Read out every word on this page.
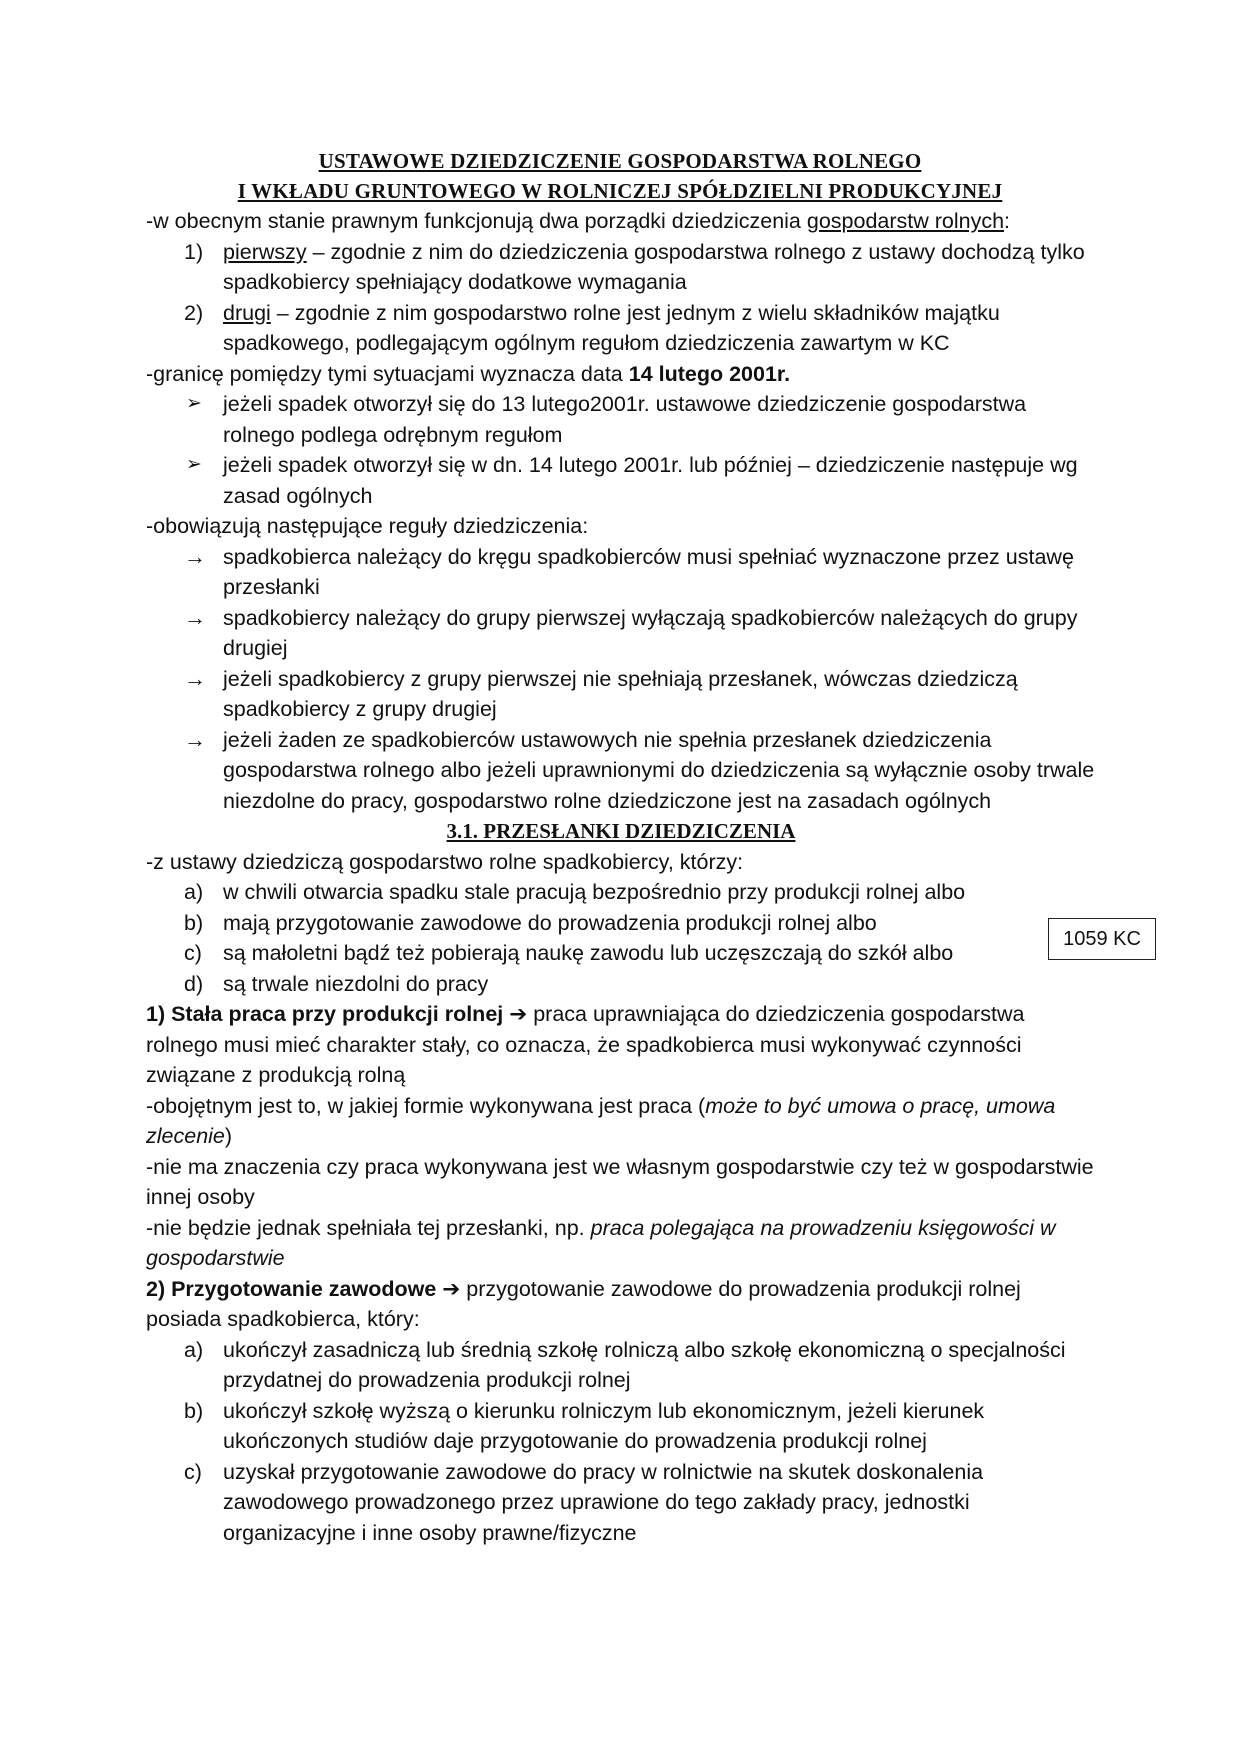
USTAWOWE DZIEDZICZENIE GOSPODARSTWA ROLNEGO
I WKŁADU GRUNTOWEGO W ROLNICZEJ SPÓŁDZIELNI PRODUKCYJNEJ
1059 KC

-w obecnym stanie prawnym funkcjonują dwa porządki dziedziczenia gospodarstw rolnych:

1) pierwszy – zgodnie z nim do dziedziczenia gospodarstwa rolnego z ustawy dochodzą tylko spadkobiercy spełniający dodatkowe wymagania
2) drugi – zgodnie z nim gospodarstwo rolne jest jednym z wielu składników majątku spadkowego, podlegającym ogólnym regułom dziedziczenia zawartym w KC

-granicę pomiędzy tymi sytuacjami wyznacza data 14 lutego 2001r.

➢ jeżeli spadek otworzył się do 13 lutego2001r. ustawowe dziedziczenie gospodarstwa rolnego podlega odrębnym regułom
➢ jeżeli spadek otworzył się w dn. 14 lutego 2001r. lub później – dziedziczenie następuje wg zasad ogólnych

-obowiązują następujące reguły dziedziczenia:

→ spadkobierca należący do kręgu spadkobierców musi spełniać wyznaczone przez ustawę przesłanki
→ spadkobiercy należący do grupy pierwszej wyłączają spadkobierców należących do grupy drugiej
→ jeżeli spadkobiercy z grupy pierwszej nie spełniają przesłanek, wówczas dziedziczą spadkobiercy z grupy drugiej
→ jeżeli żaden ze spadkobierców ustawowych nie spełnia przesłanek dziedziczenia gospodarstwa rolnego albo jeżeli uprawnionymi do dziedziczenia są wyłącznie osoby trwale niezdolne do pracy, gospodarstwo rolne dziedziczone jest na zasadach ogólnych

3.1. PRZESŁANKI DZIEDZICZENIA

-z ustawy dziedziczą gospodarstwo rolne spadkobiercy, którzy:

a) w chwili otwarcia spadku stale pracują bezpośrednio przy produkcji rolnej albo
b) mają przygotowanie zawodowe do prowadzenia produkcji rolnej albo
c) są małoletni bądź też pobierają naukę zawodu lub uczęszczają do szkół albo
d) są trwale niezdolni do pracy

1) Stała praca przy produkcji rolnej ➔ praca uprawniająca do dziedziczenia gospodarstwa rolnego musi mieć charakter stały, co oznacza, że spadkobierca musi wykonywać czynności związane z produkcją rolną

-obojętnym jest to, w jakiej formie wykonywana jest praca (może to być umowa o pracę, umowa zlecenie)

-nie ma znaczenia czy praca wykonywana jest we własnym gospodarstwie czy też w gospodarstwie innej osoby

-nie będzie jednak spełniała tej przesłanki, np. praca polegająca na prowadzeniu księgowości w gospodarstwie

2) Przygotowanie zawodowe ➔ przygotowanie zawodowe do prowadzenia produkcji rolnej posiada spadkobierca, który:

a) ukończył zasadniczą lub średnią szkołę rolniczą albo szkołę ekonomiczną o specjalności przydatnej do prowadzenia produkcji rolnej
b) ukończył szkołę wyższą o kierunku rolniczym lub ekonomicznym, jeżeli kierunek ukończonych studiów daje przygotowanie do prowadzenia produkcji rolnej
c) uzyskał przygotowanie zawodowe do pracy w rolnictwie na skutek doskonalenia zawodowego prowadzonego przez uprawione do tego zakłady pracy, jednostki organizacyjne i inne osoby prawne/fizyczne
